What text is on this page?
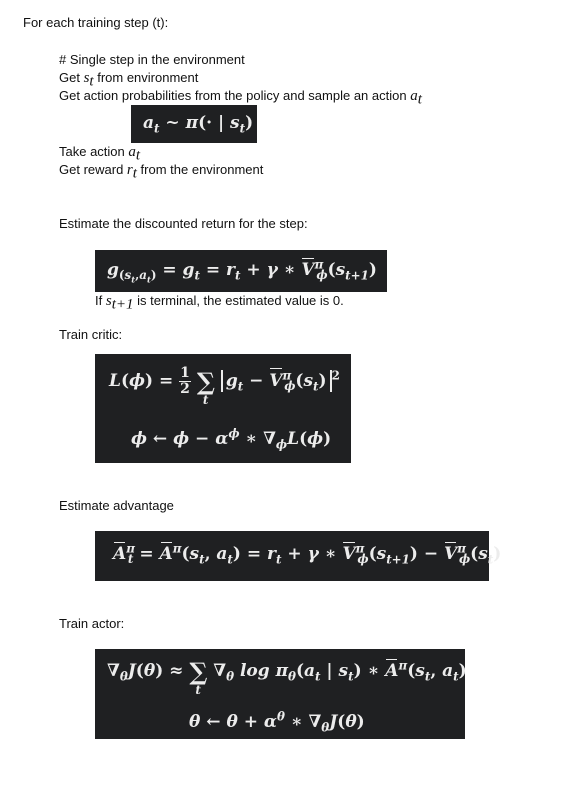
For each training step (t):
# Single step in the environment
Get $s_t$ from environment
Get action probabilities from the policy and sample an action $a_t$
$a_t$ ~ π(· | $s_t$)
Take action $a_t$
Get reward $r_t$ from the environment
Estimate the discounted return for the step:
$g_{(s_t,a_t)} = g_t = r_t + \gamma$ ∗ $V^\pi_\phi(s_{t+1})$
If $s_{t+1}$ is terminal, the estimated value is 0.
Train critic:
$L(\phi) = \frac{1}{2}$ ∑
t
$g_t - V^\pi_\phi(s_t)$ $^2$
ϕ ← $\phi - \alpha^\phi$ ∗ $\nabla_\phi L(\phi)$
Estimate advantage
$A^\pi_t = A^\pi(s_t$, $a_t) = r_t + \gamma$ ∗ $V^\pi_\phi(s_{t+1}) - V^\pi_\phi(s_t)$
Train actor:
$\nabla_\theta J(\theta)$ ≈ ∑
t
$\nabla_\theta$ $\log \pi_\theta(a_t$ | $s_t$) ∗ $A^\pi(s_t$, $a_t$)
θ ← $\theta + \alpha^\theta$ ∗ $\nabla_\theta J(\theta)$
